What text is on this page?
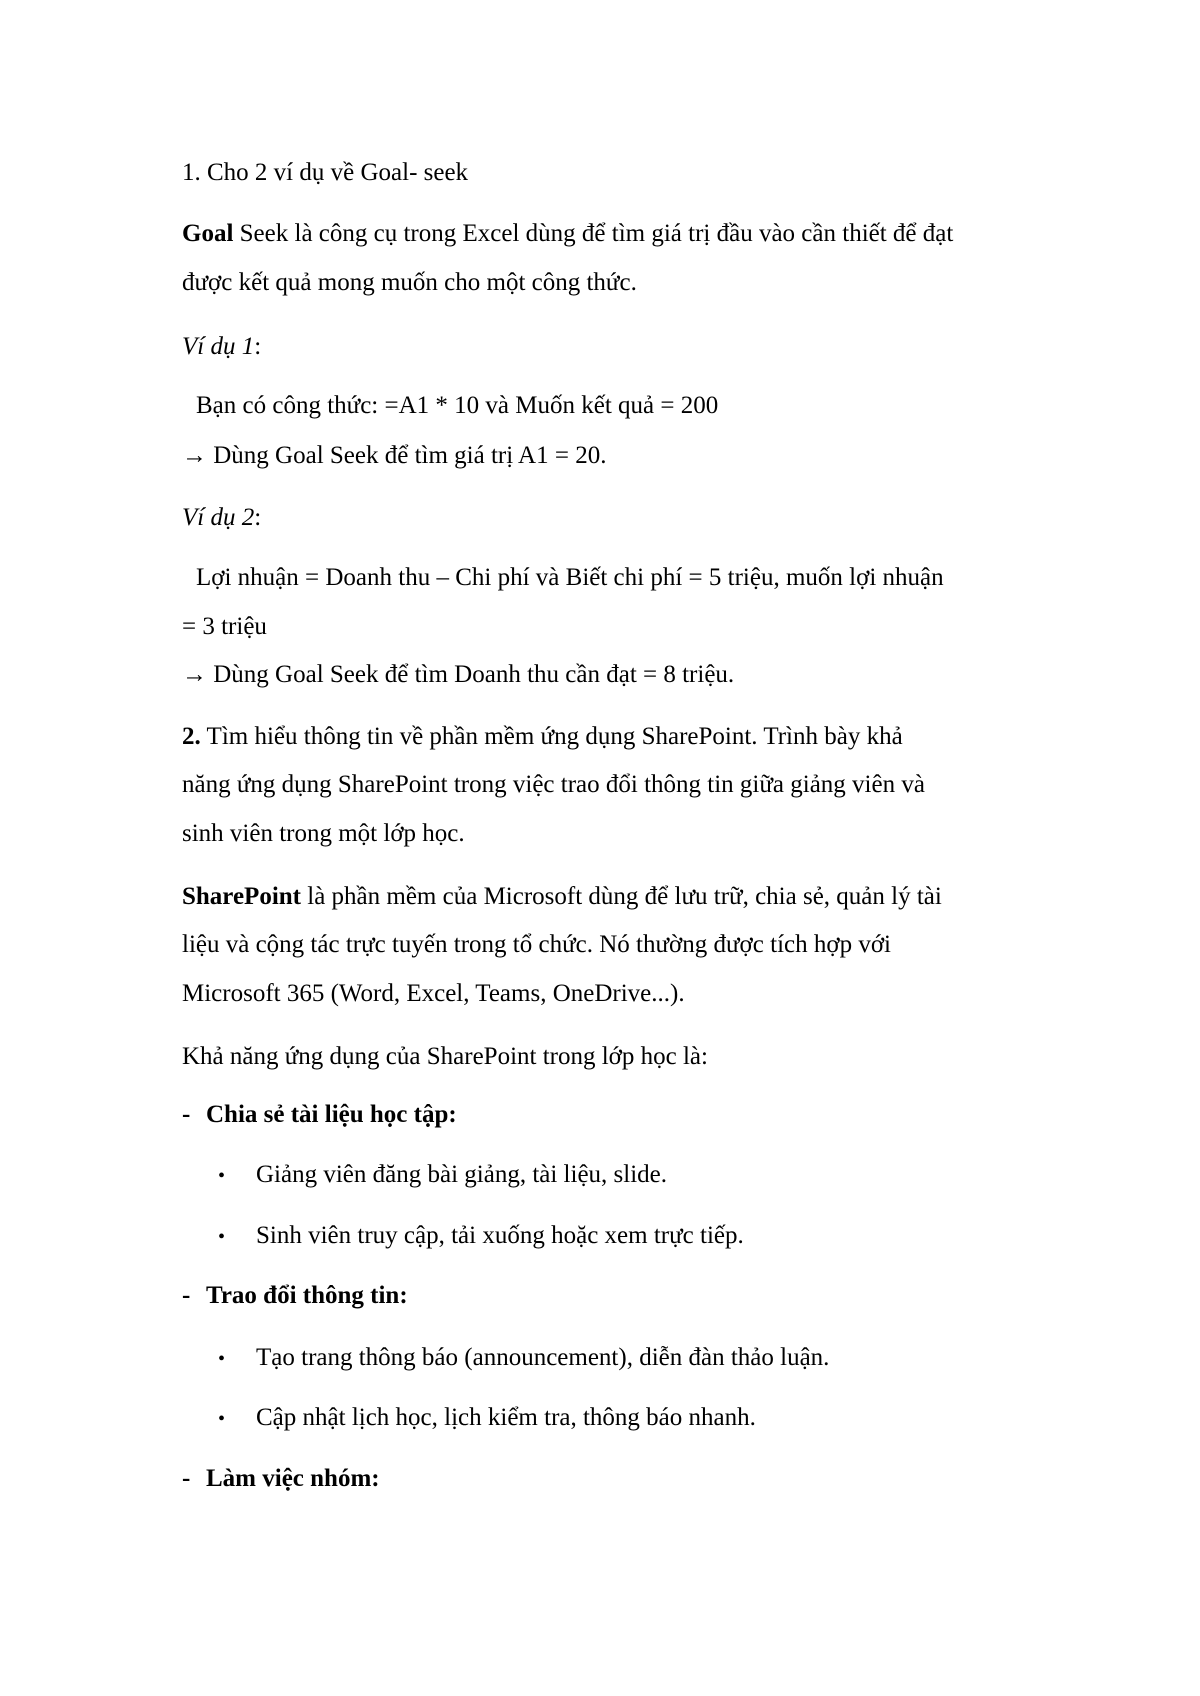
1. Cho 2 ví dụ về Goal- seek
Goal Seek là công cụ trong Excel dùng để tìm giá trị đầu vào cần thiết để đạt
được kết quả mong muốn cho một công thức.
Ví dụ 1:
Bạn có công thức: =A1 * 10 và Muốn kết quả = 200
→ Dùng Goal Seek để tìm giá trị A1 = 20.
Ví dụ 2:
Lợi nhuận = Doanh thu – Chi phí và Biết chi phí = 5 triệu, muốn lợi nhuận
= 3 triệu
→ Dùng Goal Seek để tìm Doanh thu cần đạt = 8 triệu.
2. Tìm hiểu thông tin về phần mềm ứng dụng SharePoint. Trình bày khả
năng ứng dụng SharePoint trong việc trao đổi thông tin giữa giảng viên và
sinh viên trong một lớp học.
SharePoint là phần mềm của Microsoft dùng để lưu trữ, chia sẻ, quản lý tài
liệu và cộng tác trực tuyến trong tổ chức. Nó thường được tích hợp với
Microsoft 365 (Word, Excel, Teams, OneDrive...).
Khả năng ứng dụng của SharePoint trong lớp học là:
- Chia sẻ tài liệu học tập:
• Giảng viên đăng bài giảng, tài liệu, slide.
• Sinh viên truy cập, tải xuống hoặc xem trực tiếp.
- Trao đổi thông tin:
• Tạo trang thông báo (announcement), diễn đàn thảo luận.
• Cập nhật lịch học, lịch kiểm tra, thông báo nhanh.
- Làm việc nhóm:
